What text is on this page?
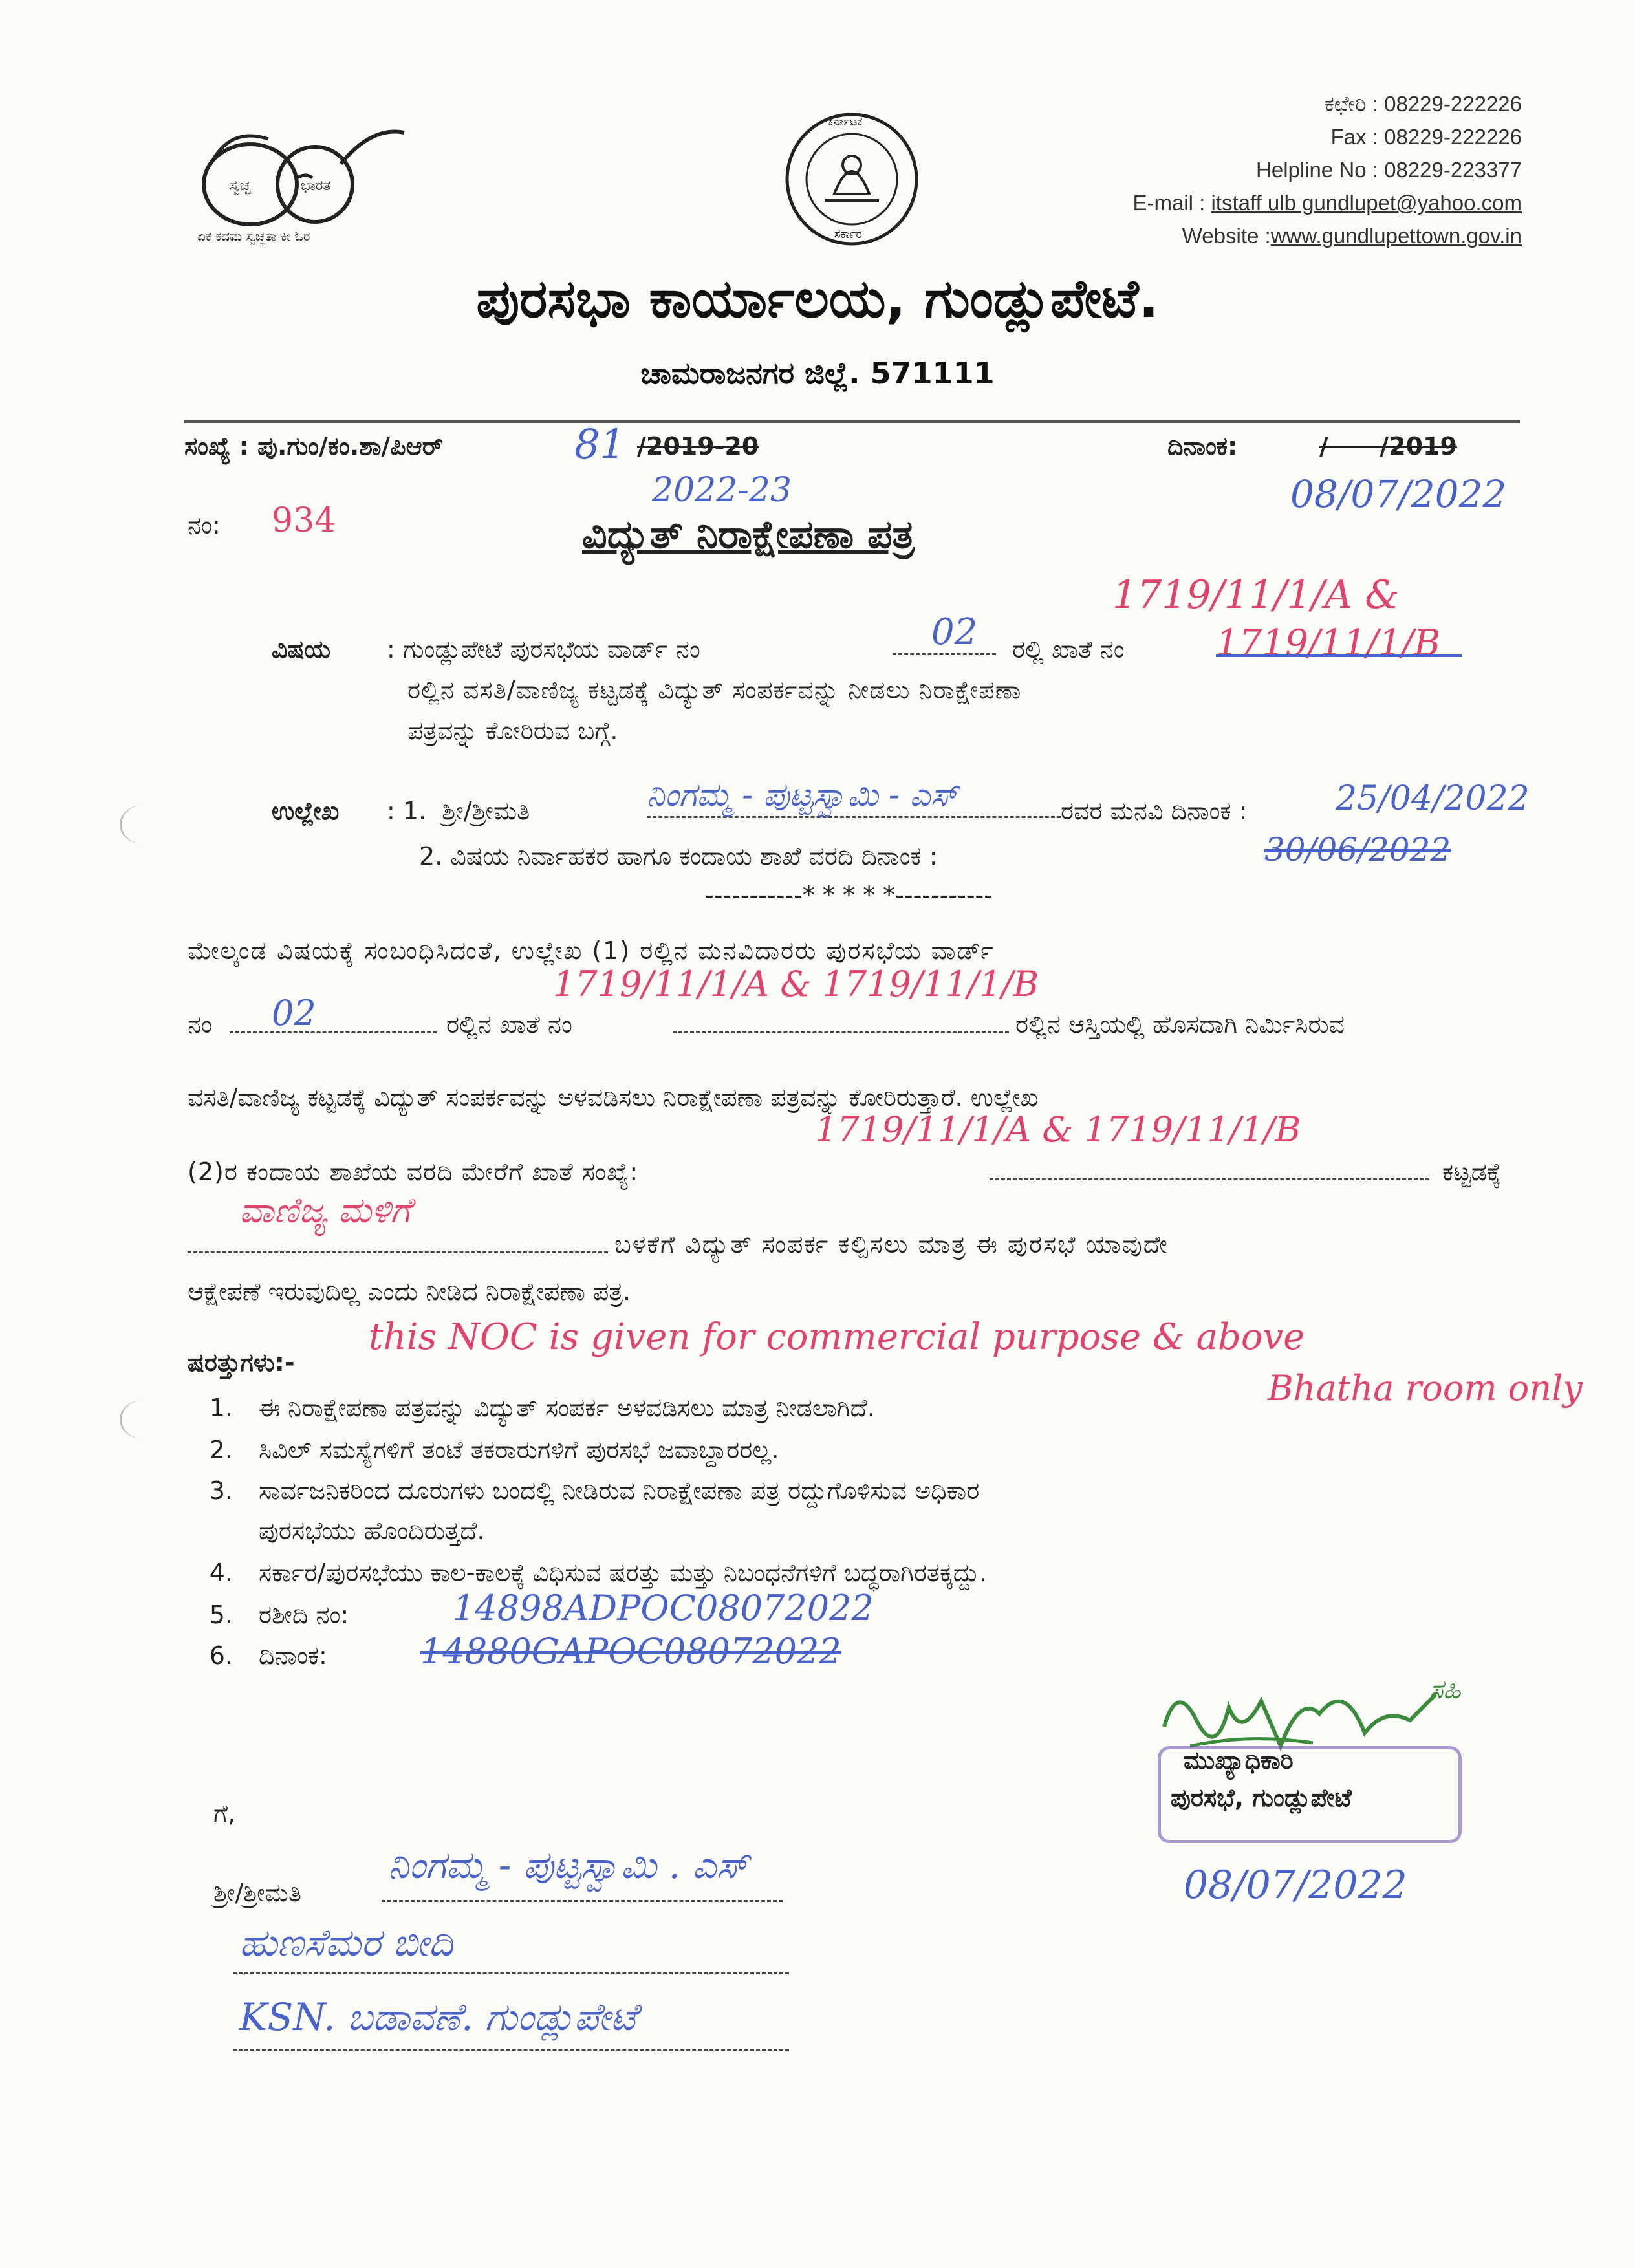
ಸ್ವಚ್ಛ	ಭಾರತ
ಏಕ ಕದಮ ಸ್ವಚ್ಛತಾ ಕೀ ಓರ
ಕರ್ನಾಟಕ
ಸರ್ಕಾರ
ಕಛೇರಿ : 08229-222226
Fax : 08229-222226
Helpline No : 08229-223377
E-mail : itstaff ulb gundlupet@yahoo.com
Website :www.gundlupettown.gov.in
ಪುರಸಭಾ ಕಾರ್ಯಾಲಯ, ಗುಂಡ್ಲುಪೇಟೆ.
ಚಾಮರಾಜನಗರ ಜಿಲ್ಲೆ. 571111
ಸಂಖ್ಯೆ : ಪು.ಗುಂ/ಕಂ.ಶಾ/ಪಿಆರ್	81 /2019-20
2022-23
ದಿನಾಂಕ:	/      /2019
08/07/2022
ನಂ: 934	ವಿದ್ಯುತ್ ನಿರಾಕ್ಷೇಪಣಾ ಪತ್ರ
1719/11/1/A &
ವಿಷಯ : ಗುಂಡ್ಲುಪೇಟೆ ಪುರಸಭೆಯ ವಾರ್ಡ್ ನಂ	02 ರಲ್ಲಿ ಖಾತೆ ನಂ	1719/11/1/B
ರಲ್ಲಿನ ವಸತಿ/ವಾಣಿಜ್ಯ ಕಟ್ಟಡಕ್ಕೆ ವಿದ್ಯುತ್ ಸಂಪರ್ಕವನ್ನು ನೀಡಲು ನಿರಾಕ್ಷೇಪಣಾ
ಪತ್ರವನ್ನು ಕೋರಿರುವ ಬಗ್ಗೆ.
ಉಲ್ಲೇಖ : 1.  ಶ್ರೀ/ಶ್ರೀಮತಿ	ನಿಂಗಮ್ಮ - ಪುಟ್ಟಸ್ವಾಮಿ - ಎಸ್	ರವರ ಮನವಿ ದಿನಾಂಕ :	25/04/2022
2. ವಿಷಯ ನಿರ್ವಾಹಕರ ಹಾಗೂ ಕಂದಾಯ ಶಾಖೆ ವರದಿ ದಿನಾಂಕ :	30/06/2022
-----------* * * * *-----------
ಮೇಲ್ಕಂಡ ವಿಷಯಕ್ಕೆ ಸಂಬಂಧಿಸಿದಂತೆ, ಉಲ್ಲೇಖ (1) ರಲ್ಲಿನ ಮನವಿದಾರರು ಪುರಸಭೆಯ ವಾರ್ಡ್
1719/11/1/A & 1719/11/1/B
ನಂ 02	ರಲ್ಲಿನ ಖಾತೆ ನಂ	ರಲ್ಲಿನ ಆಸ್ತಿಯಲ್ಲಿ ಹೊಸದಾಗಿ ನಿರ್ಮಿಸಿರುವ
ವಸತಿ/ವಾಣಿಜ್ಯ ಕಟ್ಟಡಕ್ಕೆ ವಿದ್ಯುತ್ ಸಂಪರ್ಕವನ್ನು ಅಳವಡಿಸಲು ನಿರಾಕ್ಷೇಪಣಾ ಪತ್ರವನ್ನು ಕೋರಿರುತ್ತಾರೆ. ಉಲ್ಲೇಖ
1719/11/1/A & 1719/11/1/B
(2)ರ ಕಂದಾಯ ಶಾಖೆಯ ವರದಿ ಮೇರೆಗೆ ಖಾತೆ ಸಂಖ್ಯೆ:	ಕಟ್ಟಡಕ್ಕೆ
ವಾಣಿಜ್ಯ ಮಳಿಗೆ
ಬಳಕೆಗೆ ವಿದ್ಯುತ್ ಸಂಪರ್ಕ ಕಲ್ಪಿಸಲು ಮಾತ್ರ ಈ ಪುರಸಭೆ ಯಾವುದೇ
ಆಕ್ಷೇಪಣೆ ಇರುವುದಿಲ್ಲ ಎಂದು ನೀಡಿದ ನಿರಾಕ್ಷೇಪಣಾ ಪತ್ರ.
ಷರತ್ತುಗಳು:-
this NOC is given for commercial purpose & above
Bhatha room only
1. ಈ ನಿರಾಕ್ಷೇಪಣಾ ಪತ್ರವನ್ನು ವಿದ್ಯುತ್ ಸಂಪರ್ಕ ಅಳವಡಿಸಲು ಮಾತ್ರ ನೀಡಲಾಗಿದೆ.
2. ಸಿವಿಲ್ ಸಮಸ್ಯೆಗಳಿಗೆ ತಂಟೆ ತಕರಾರುಗಳಿಗೆ ಪುರಸಭೆ ಜವಾಬ್ದಾರರಲ್ಲ.
3. ಸಾರ್ವಜನಿಕರಿಂದ ದೂರುಗಳು ಬಂದಲ್ಲಿ ನೀಡಿರುವ ನಿರಾಕ್ಷೇಪಣಾ ಪತ್ರ ರದ್ದುಗೊಳಿಸುವ ಅಧಿಕಾರ
ಪುರಸಭೆಯು ಹೊಂದಿರುತ್ತದೆ.
4. ಸರ್ಕಾರ/ಪುರಸಭೆಯು ಕಾಲ-ಕಾಲಕ್ಕೆ ವಿಧಿಸುವ ಷರತ್ತು ಮತ್ತು ನಿಬಂಧನೆಗಳಿಗೆ ಬದ್ಧರಾಗಿರತಕ್ಕದ್ದು.
5. ರಶೀದಿ ನಂ:	14898ADPOC08072022
6. ದಿನಾಂಕ:	14880GAPOC08072022
ಸಹಿ
ಮುಖ್ಯಾಧಿಕಾರಿ
ಪುರಸಭೆ, ಗುಂಡ್ಲುಪೇಟೆ
08/07/2022
ಗೆ,
ಶ್ರೀ/ಶ್ರೀಮತಿ
ನಿಂಗಮ್ಮ - ಪುಟ್ಟಸ್ವಾಮಿ . ಎಸ್
ಹುಣಸೆಮರ ಬೀದಿ
KSN. ಬಡಾವಣೆ. ಗುಂಡ್ಲುಪೇಟೆ
